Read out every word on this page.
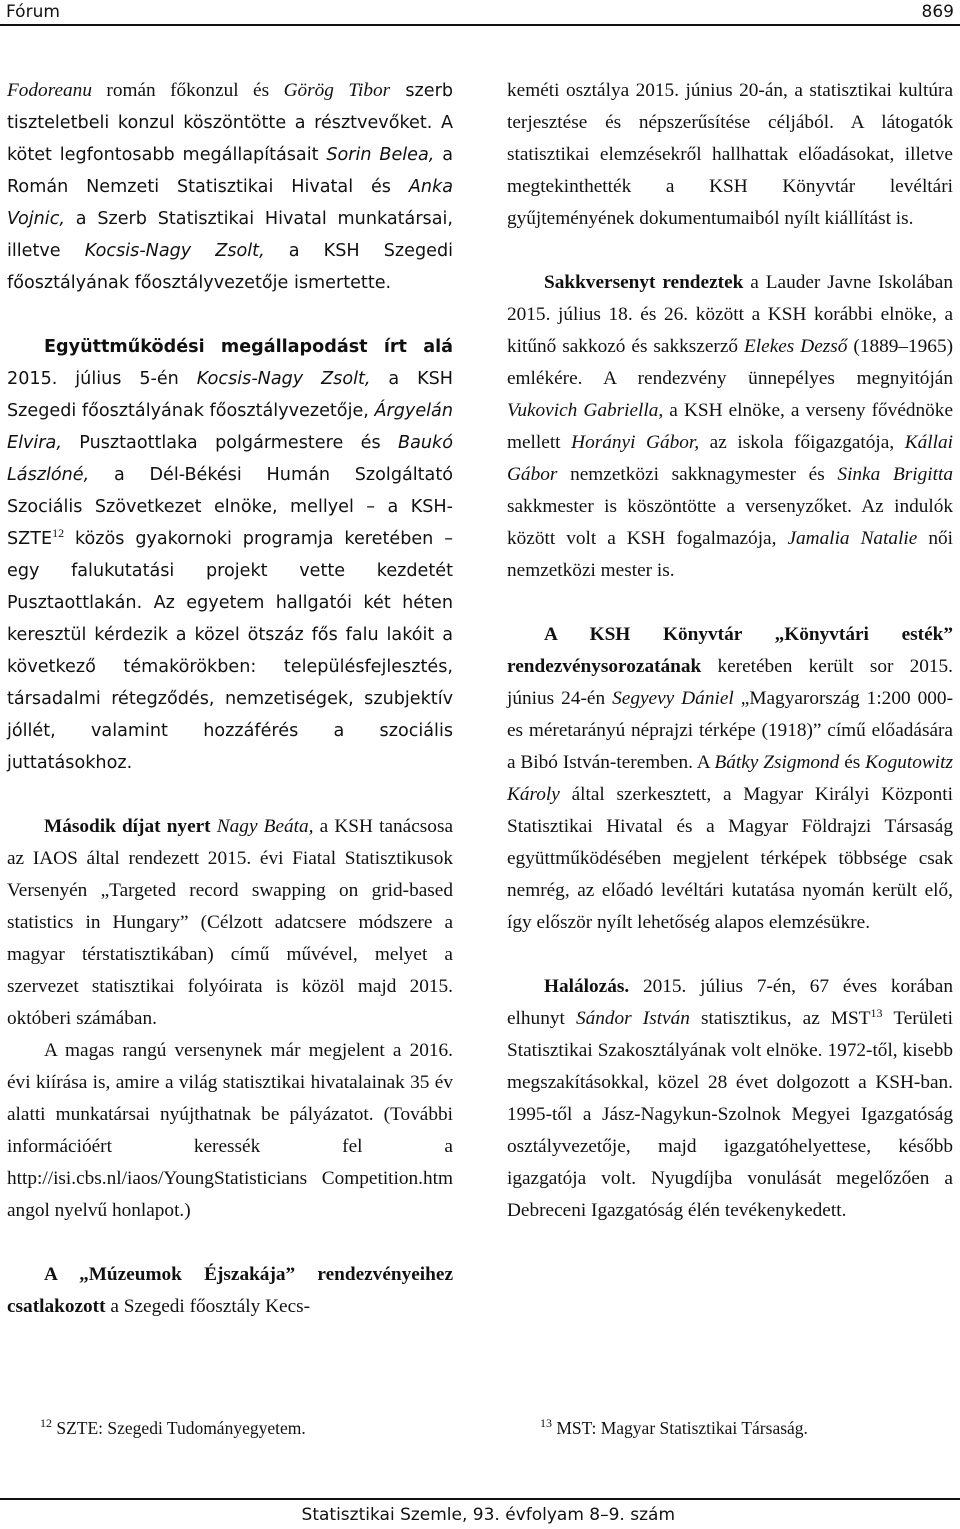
Fórum	869

Fodoreanu román főkonzul és Görög Tibor szerb tiszteletbeli konzul köszöntötte a résztvevőket. A kötet legfontosabb megállapításait Sorin Belea, a Román Nemzeti Statisztikai Hivatal és Anka Vojnic, a Szerb Statisztikai Hivatal munkatársai, illetve Kocsis-Nagy Zsolt, a KSH Szegedi főosztályának főosztályvezetője ismertette.

Együttműködési megállapodást írt alá 2015. július 5-én Kocsis-Nagy Zsolt, a KSH Szegedi főosztályának főosztályvezetője, Árgyelán Elvira, Pusztaottlaka polgármestere és Baukó Lászlóné, a Dél-Békési Humán Szolgáltató Szociális Szövetkezet elnöke, mellyel – a KSH-SZTE$^{12}$ közös gyakornoki programja keretében – egy falukutatási projekt vette kezdetét Pusztaottlakán. Az egyetem hallgatói két héten keresztül kérdezik a közel ötszáz fős falu lakóit a következő témakörökben: településfejlesztés, társadalmi rétegződés, nemzetiségek, szubjektív jóllét, valamint hozzáférés a szociális juttatásokhoz.

Második díjat nyert Nagy Beáta, a KSH tanácsosa az IAOS által rendezett 2015. évi Fiatal Statisztikusok Versenyén „Targeted record swapping on grid-based statistics in Hungary” (Célzott adatcsere módszere a magyar térstatisztikában) című művével, melyet a szervezet statisztikai folyóirata is közöl majd 2015. októberi számában.

A magas rangú versenynek már megjelent a 2016. évi kiírása is, amire a világ statisztikai hivatalainak 35 év alatti munkatársai nyújthatnak be pályázatot. (További információért keressék fel a http://isi.cbs.nl/iaos/YoungStatisticians Competition.htm angol nyelvű honlapot.)

A „Múzeumok Éjszakája” rendezvényeihez csatlakozott a Szegedi főosztály Kecs-

keméti osztálya 2015. június 20-án, a statisztikai kultúra terjesztése és népszerűsítése céljából. A látogatók statisztikai elemzésekről hallhattak előadásokat, illetve megtekinthették a KSH Könyvtár levéltári gyűjteményének dokumentumaiból nyílt kiállítást is.

Sakkversenyt rendeztek a Lauder Javne Iskolában 2015. július 18. és 26. között a KSH korábbi elnöke, a kitűnő sakkozó és sakkszerző Elekes Dezső (1889–1965) emlékére. A rendezvény ünnepélyes megnyitóján Vukovich Gabriella, a KSH elnöke, a verseny fővédnöke mellett Horányi Gábor, az iskola főigazgatója, Kállai Gábor nemzetközi sakknagymester és Sinka Brigitta sakkmester is köszöntötte a versenyzőket. Az indulók között volt a KSH fogalmazója, Jamalia Natalie női nemzetközi mester is.

A KSH Könyvtár „Könyvtári esték” rendezvénysorozatának keretében került sor 2015. június 24-én Segyevy Dániel „Magyarország 1:200 000-es méretarányú néprajzi térképe (1918)” című előadására a Bibó István-teremben. A Bátky Zsigmond és Kogutowitz Károly által szerkesztett, a Magyar Királyi Központi Statisztikai Hivatal és a Magyar Földrajzi Társaság együttműködésében megjelent térképek többsége csak nemrég, az előadó levéltári kutatása nyomán került elő, így először nyílt lehetőség alapos elemzésükre.

Halálozás. 2015. július 7-én, 67 éves korában elhunyt Sándor István statisztikus, az MST$^{13}$ Területi Statisztikai Szakosztályának volt elnöke. 1972-től, kisebb megszakításokkal, közel 28 évet dolgozott a KSH-ban. 1995-től a Jász-Nagykun-Szolnok Megyei Igazgatóság osztályvezetője, majd igazgatóhelyettese, később igazgatója volt. Nyugdíjba vonulását megelőzően a Debreceni Igazgatóság élén tevékenykedett.

$^{12}$ SZTE: Szegedi Tudományegyetem.	$^{13}$ MST: Magyar Statisztikai Társaság.
Statisztikai Szemle, 93. évfolyam 8–9. szám
